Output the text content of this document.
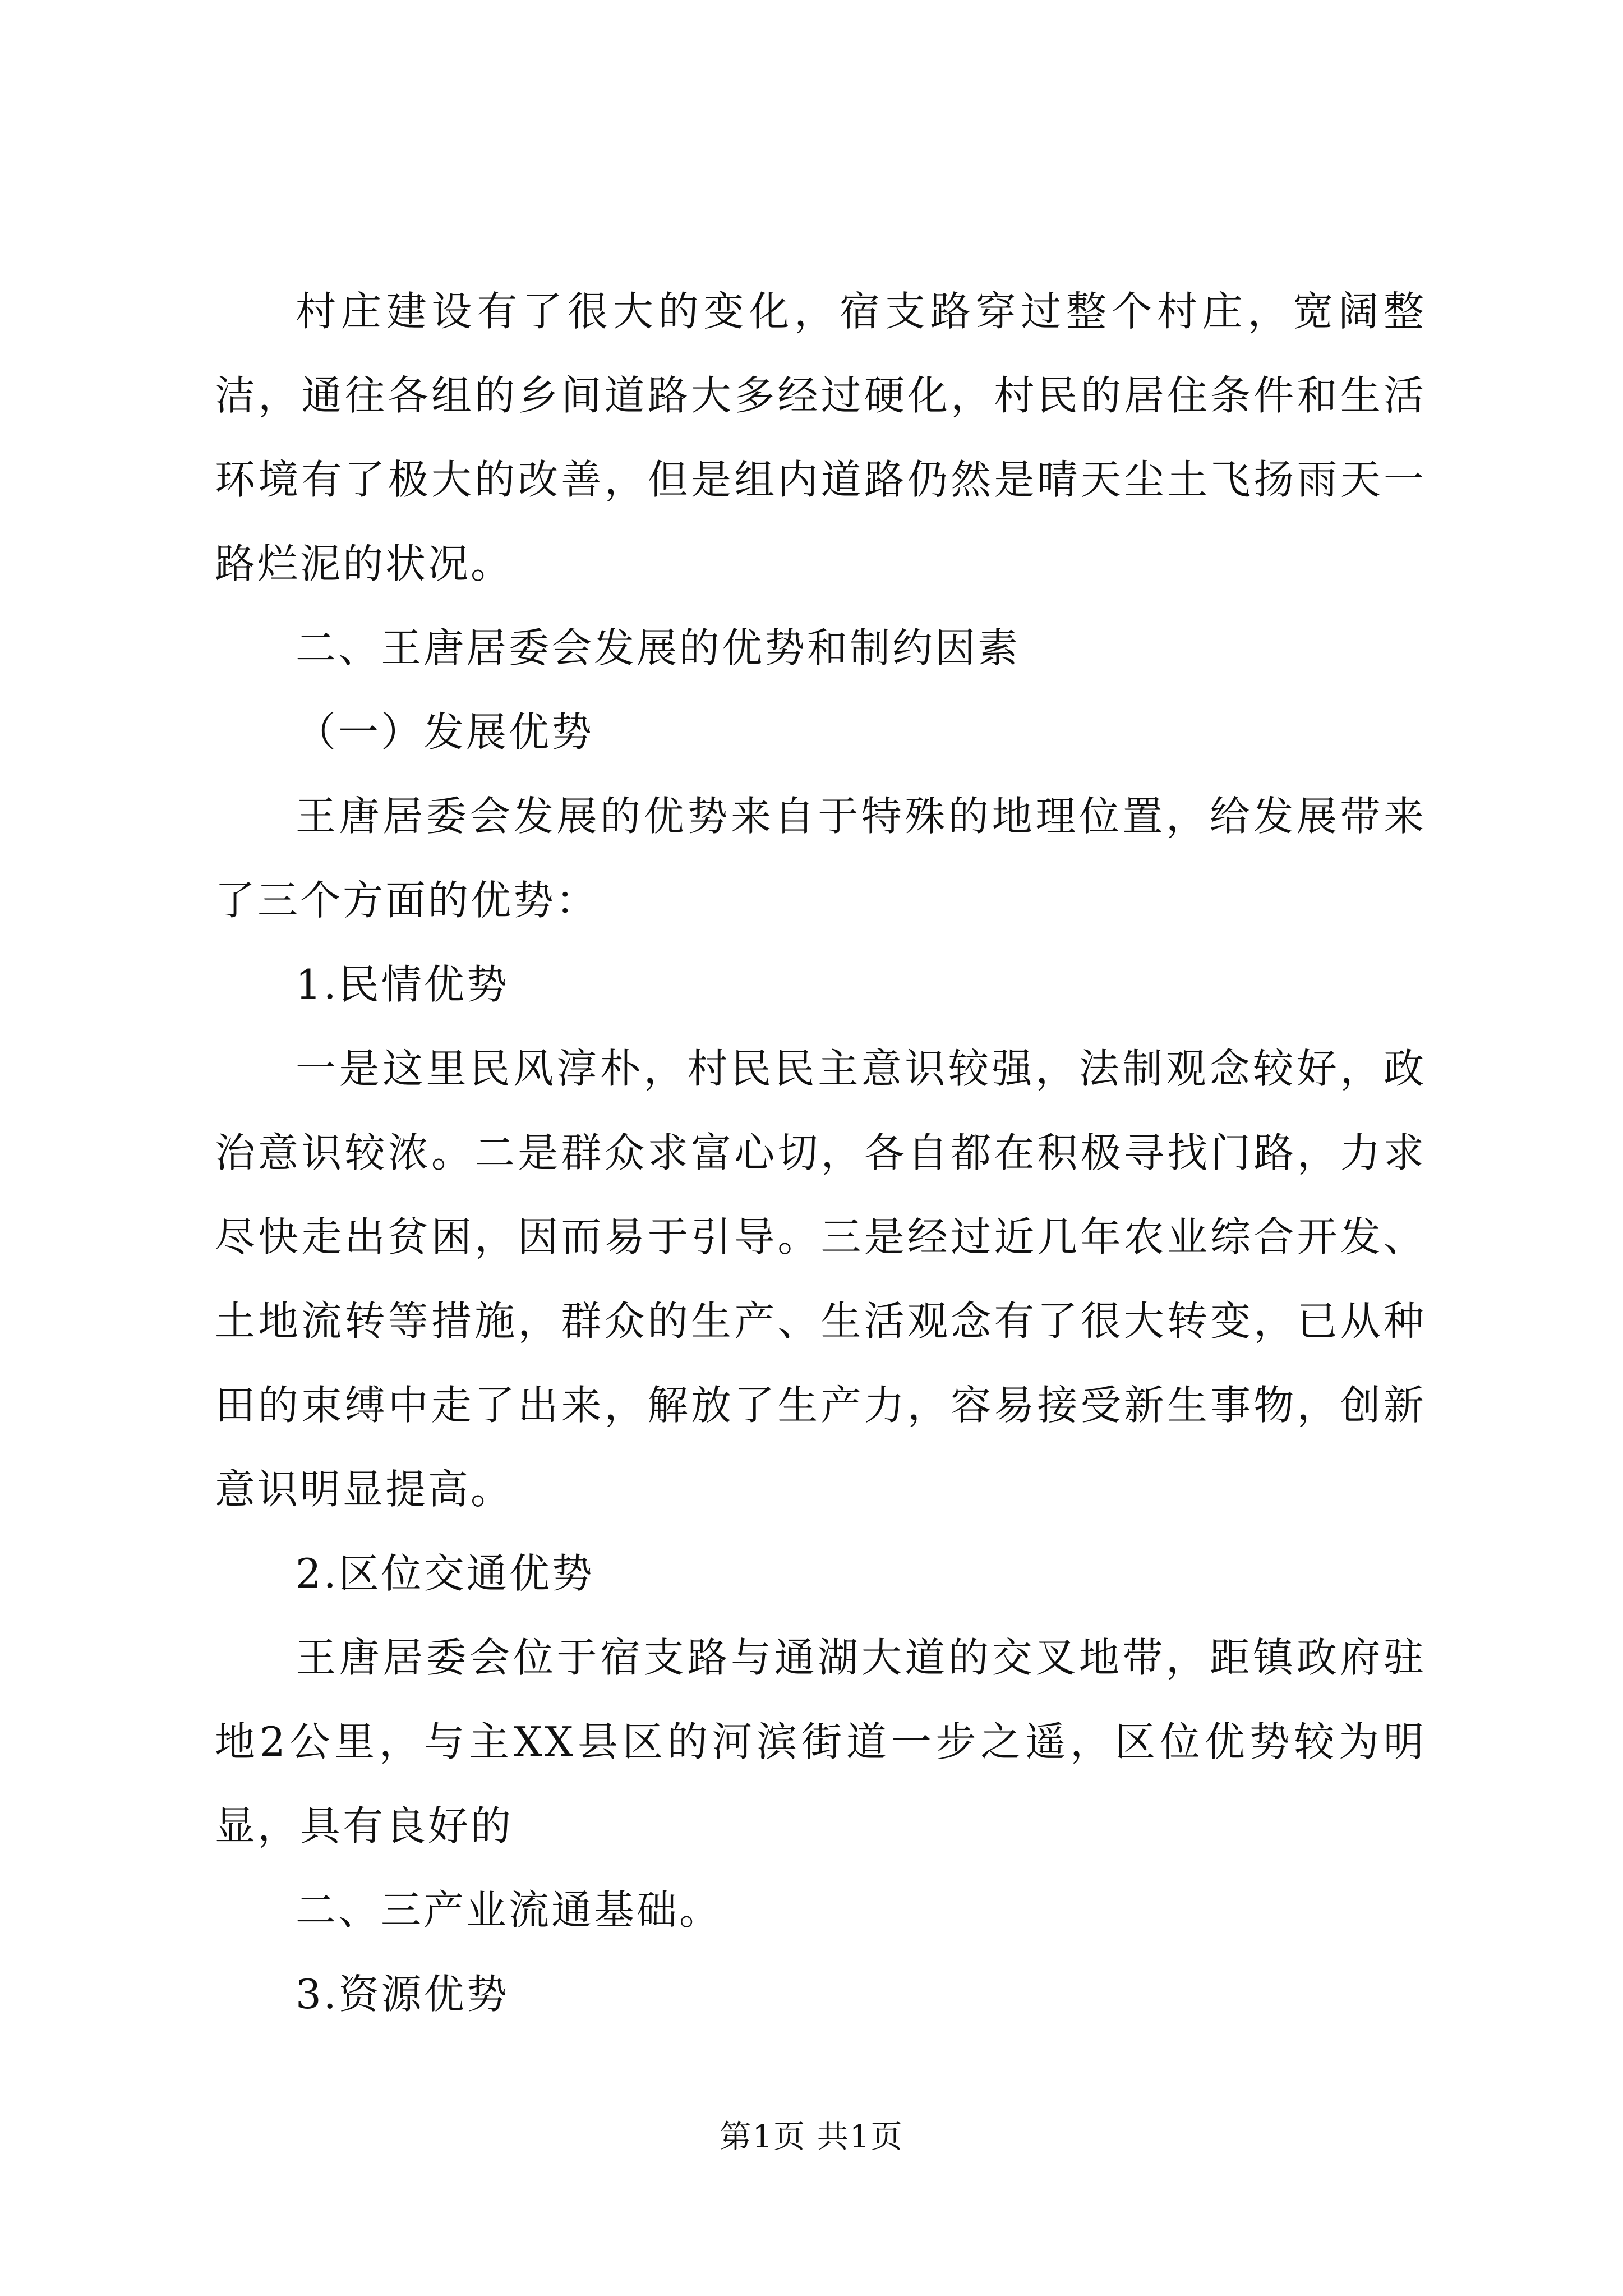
村庄建设有了很大的变化，宿支路穿过整个村庄，宽阔整洁，通往各组的乡间道路大多经过硬化，村民的居住条件和生活环境有了极大的改善，但是组内道路仍然是晴天尘土飞扬雨天一路烂泥的状况。

二、王唐居委会发展的优势和制约因素

（一）发展优势

王唐居委会发展的优势来自于特殊的地理位置，给发展带来了三个方面的优势：

1.民情优势

一是这里民风淳朴，村民民主意识较强，法制观念较好，政治意识较浓。二是群众求富心切，各自都在积极寻找门路，力求尽快走出贫困，因而易于引导。三是经过近几年农业综合开发、土地流转等措施，群众的生产、生活观念有了很大转变，已从种田的束缚中走了出来，解放了生产力，容易接受新生事物，创新意识明显提高。

2.区位交通优势

王唐居委会位于宿支路与通湖大道的交叉地带，距镇政府驻地2公里，与主XX县区的河滨街道一步之遥，区位优势较为明显，具有良好的

二、三产业流通基础。

3.资源优势

第1页 共1页
